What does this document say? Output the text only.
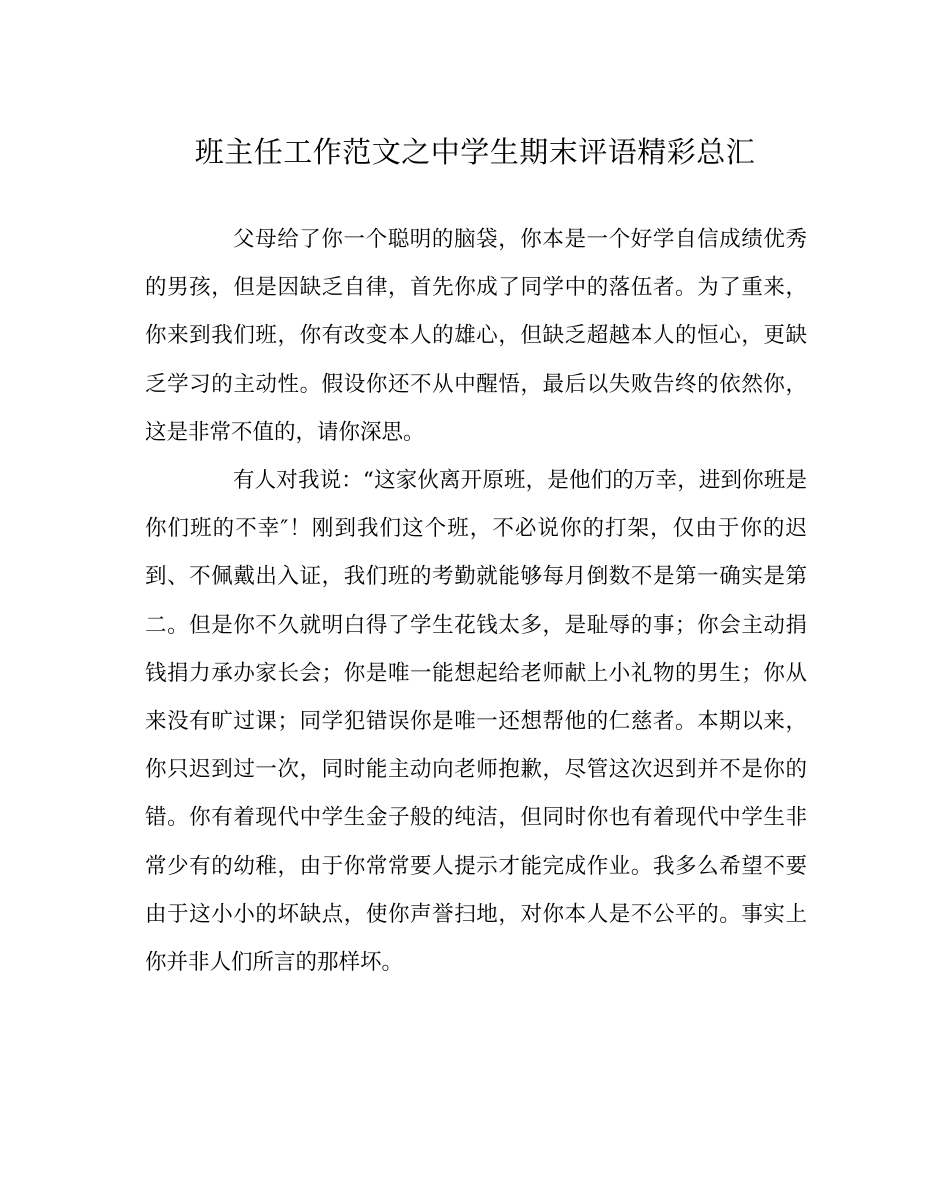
班主任工作范文之中学生期末评语精彩总汇

父母给了你一个聪明的脑袋，你本是一个好学自信成绩优秀的男孩，但是因缺乏自律，首先你成了同学中的落伍者。为了重来，你来到我们班，你有改变本人的雄心，但缺乏超越本人的恒心，更缺乏学习的主动性。假设你还不从中醒悟，最后以失败告终的依然你，这是非常不值的，请你深思。

有人对我说：“这家伙离开原班，是他们的万幸，进到你班是你们班的不幸″！刚到我们这个班，不必说你的打架，仅由于你的迟到、不佩戴出入证，我们班的考勤就能够每月倒数不是第一确实是第二。但是你不久就明白得了学生花钱太多，是耻辱的事；你会主动捐钱捐力承办家长会；你是唯一能想起给老师献上小礼物的男生；你从来没有旷过课；同学犯错误你是唯一还想帮他的仁慈者。本期以来，你只迟到过一次，同时能主动向老师抱歉，尽管这次迟到并不是你的错。你有着现代中学生金子般的纯洁，但同时你也有着现代中学生非常少有的幼稚，由于你常常要人提示才能完成作业。我多么希望不要由于这小小的坏缺点，使你声誉扫地，对你本人是不公平的。事实上你并非人们所言的那样坏。
